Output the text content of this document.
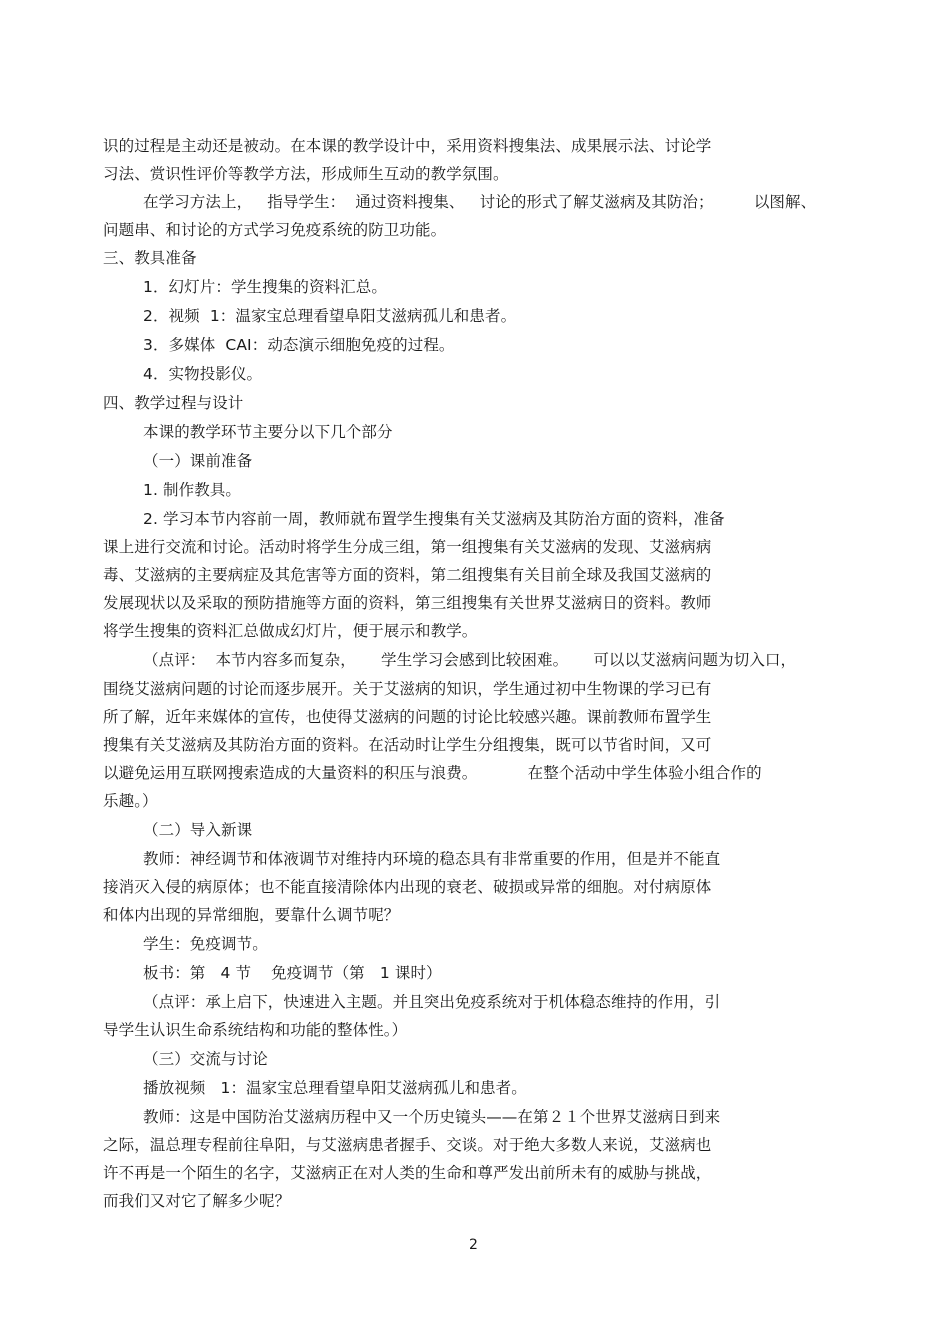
识的过程是主动还是被动。在本课的教学设计中，采用资料搜集法、成果展示法、讨论学
习法、赏识性评价等教学方法，形成师生互动的教学氛围。
在学习方法上，   指导学生：  通过资料搜集、   讨论的形式了解艾滋病及其防治；        以图解、
问题串、和讨论的方式学习免疫系统的防卫功能。
三、教具准备
1．幻灯片：学生搜集的资料汇总。
2．视频  1：温家宝总理看望阜阳艾滋病孤儿和患者。
3．多媒体  CAI：动态演示细胞免疫的过程。
4．实物投影仪。
四、教学过程与设计
本课的教学环节主要分以下几个部分
（一）课前准备
1. 制作教具。
2. 学习本节内容前一周，教师就布置学生搜集有关艾滋病及其防治方面的资料，准备
课上进行交流和讨论。活动时将学生分成三组，第一组搜集有关艾滋病的发现、艾滋病病
毒、艾滋病的主要病症及其危害等方面的资料，第二组搜集有关目前全球及我国艾滋病的
发展现状以及采取的预防措施等方面的资料，第三组搜集有关世界艾滋病日的资料。教师
将学生搜集的资料汇总做成幻灯片，便于展示和教学。
（点评：  本节内容多而复杂，     学生学习会感到比较困难。     可以以艾滋病问题为切入口，
围绕艾滋病问题的讨论而逐步展开。关于艾滋病的知识，学生通过初中生物课的学习已有
所了解，近年来媒体的宣传，也使得艾滋病的问题的讨论比较感兴趣。课前教师布置学生
搜集有关艾滋病及其防治方面的资料。在活动时让学生分组搜集，既可以节省时间，又可
以避免运用互联网搜索造成的大量资料的积压与浪费。          在整个活动中学生体验小组合作的
乐趣。）
（二）导入新课
教师：神经调节和体液调节对维持内环境的稳态具有非常重要的作用，但是并不能直
接消灭入侵的病原体；也不能直接清除体内出现的衰老、破损或异常的细胞。对付病原体
和体内出现的异常细胞，要靠什么调节呢？
学生：免疫调节。
板书：第   4 节    免疫调节（第   1 课时）
（点评：承上启下，快速进入主题。并且突出免疫系统对于机体稳态维持的作用，引
导学生认识生命系统结构和功能的整体性。）
（三）交流与讨论
播放视频   1：温家宝总理看望阜阳艾滋病孤儿和患者。
教师：这是中国防治艾滋病历程中又一个历史镜头——在第２１个世界艾滋病日到来
之际，温总理专程前往阜阳，与艾滋病患者握手、交谈。对于绝大多数人来说，艾滋病也
许不再是一个陌生的名字，艾滋病正在对人类的生命和尊严发出前所未有的威胁与挑战，
而我们又对它了解多少呢？
2
